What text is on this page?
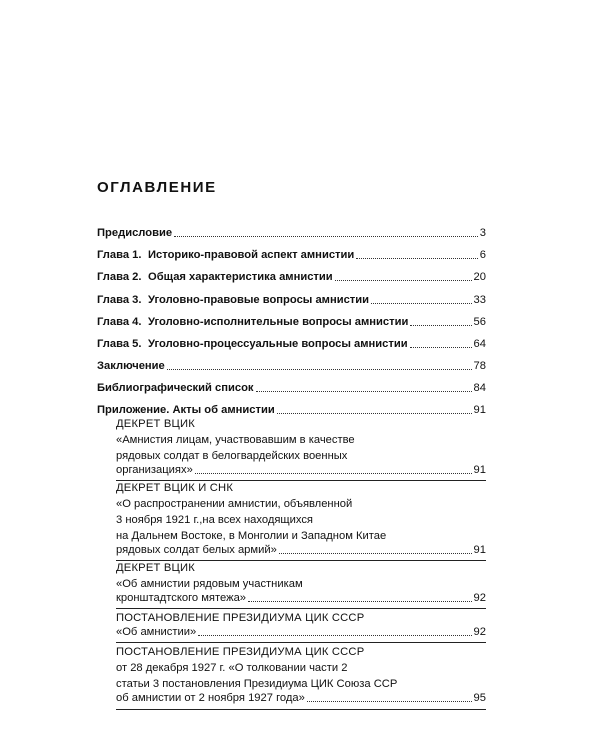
ОГЛАВЛЕНИЕ
Предисловие	3
Глава 1. Историко-правовой аспект амнистии	6
Глава 2. Общая характеристика амнистии	20
Глава 3. Уголовно-правовые вопросы амнистии	33
Глава 4. Уголовно-исполнительные вопросы амнистии	56
Глава 5. Уголовно-процессуальные вопросы амнистии	64
Заключение	78
Библиографический список	84
Приложение. Акты об амнистии	91
ДЕКРЕТ ВЦИК
«Амнистия лицам, участвовавшим в качестве
рядовых солдат в белогвардейских военных
организациях»	91
ДЕКРЕТ ВЦИК И СНК
«О распространении амнистии, объявленной
3 ноября 1921 г.,на всех находящихся
на Дальнем Востоке, в Монголии и Западном Китае
рядовых солдат белых армий»	91
ДЕКРЕТ ВЦИК
«Об амнистии рядовым участникам
кронштадтского мятежа»	92
ПОСТАНОВЛЕНИЕ ПРЕЗИДИУМА ЦИК СССР
«Об амнистии»	92
ПОСТАНОВЛЕНИЕ ПРЕЗИДИУМА ЦИК СССР
от 28 декабря 1927 г. «О толковании части 2
статьи 3 постановления Президиума ЦИК Союза ССР
об амнистии от 2 ноября 1927 года»	95
